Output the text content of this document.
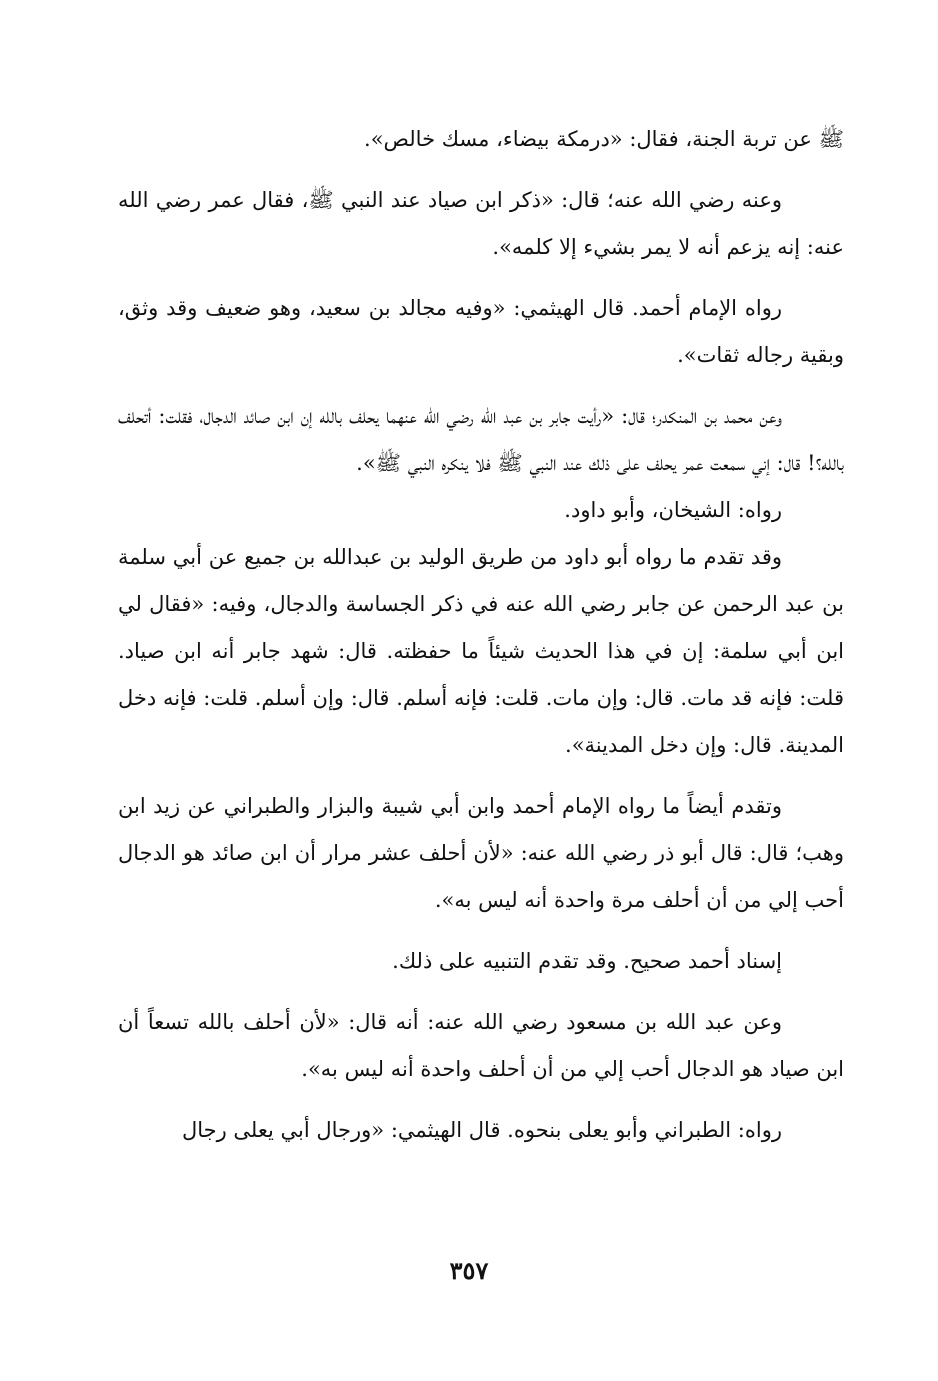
ﷺ عن تربة الجنة، فقال: «درمكة بيضاء، مسك خالص».

وعنه رضي الله عنه؛ قال: «ذكر ابن صياد عند النبي ﷺ، فقال عمر رضي الله عنه: إنه يزعم أنه لا يمر بشيء إلا كلمه».

رواه الإمام أحمد. قال الهيثمي: «وفيه مجالد بن سعيد، وهو ضعيف وقد وثق، وبقية رجاله ثقات».

وعن محمد بن المنكدر؛ قال: «رأيت جابر بن عبد الله رضي الله عنهما يحلف بالله إن ابن صائد الدجال، فقلت: أتحلف بالله؟! قال: إني سمعت عمر يحلف على ذلك عند النبي ﷺ فلا ينكره النبي ﷺ».

رواه: الشيخان، وأبو داود.

وقد تقدم ما رواه أبو داود من طريق الوليد بن عبدالله بن جميع عن أبي سلمة بن عبد الرحمن عن جابر رضي الله عنه في ذكر الجساسة والدجال، وفيه: «فقال لي ابن أبي سلمة: إن في هذا الحديث شيئاً ما حفظته. قال: شهد جابر أنه ابن صياد. قلت: فإنه قد مات. قال: وإن مات. قلت: فإنه أسلم. قال: وإن أسلم. قلت: فإنه دخل المدينة. قال: وإن دخل المدينة».

وتقدم أيضاً ما رواه الإمام أحمد وابن أبي شيبة والبزار والطبراني عن زيد ابن وهب؛ قال: قال أبو ذر رضي الله عنه: «لأن أحلف عشر مرار أن ابن صائد هو الدجال أحب إلي من أن أحلف مرة واحدة أنه ليس به».

إسناد أحمد صحيح. وقد تقدم التنبيه على ذلك.

وعن عبد الله بن مسعود رضي الله عنه: أنه قال: «لأن أحلف بالله تسعاً أن ابن صياد هو الدجال أحب إلي من أن أحلف واحدة أنه ليس به».

رواه: الطبراني وأبو يعلى بنحوه. قال الهيثمي: «ورجال أبي يعلى رجال

٣٥٧
